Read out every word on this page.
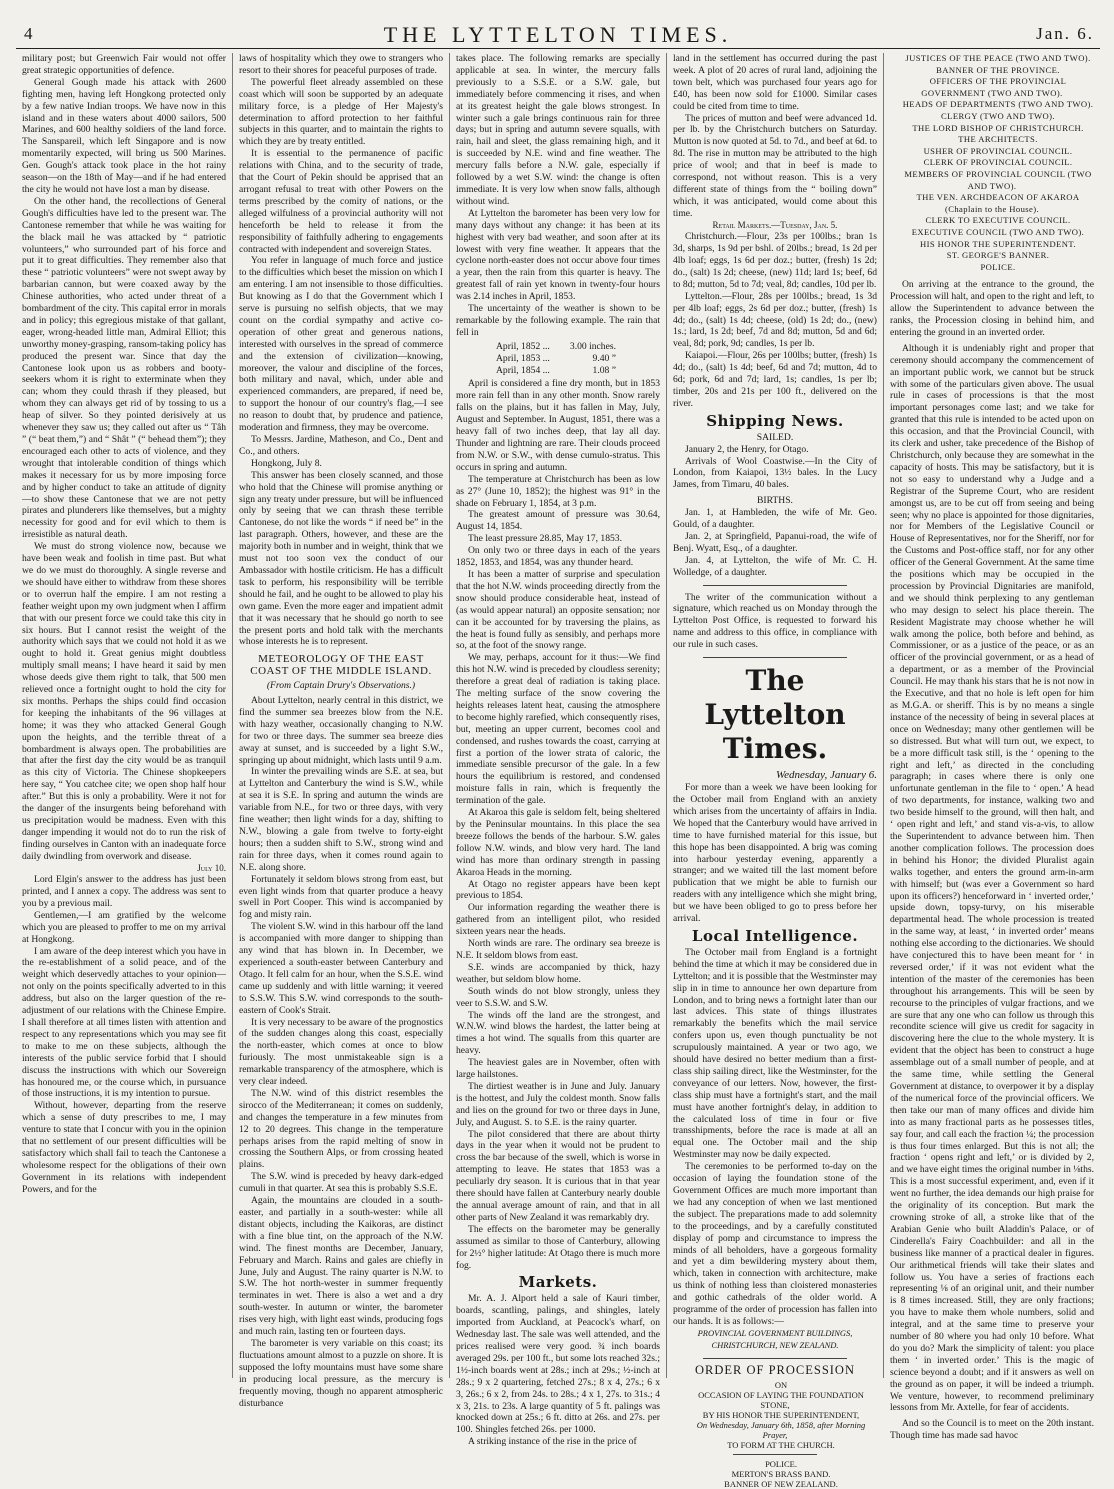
4	THE LYTTELTON TIMES.	Jan. 6.

military post; but Greenwich Fair would not offer great strategic opportunities of defence.

General Gough made his attack with 2600 fighting men, having left Hongkong protected only by a few native Indian troops. We have now in this island and in these waters about 4000 sailors, 500 Marines, and 600 healthy soldiers of the land force. The Sanspareil, which left Singapore and is now momentarily expected, will bring us 500 Marines. Gen. Gough's attack took place in the hot rainy season—on the 18th of May—and if he had entered the city he would not have lost a man by disease.

On the other hand, the recollections of General Gough's difficulties have led to the present war. The Cantonese remember that while he was waiting for the black mail he was attacked by “ patriotic volunteers,” who surrounded part of his force and put it to great difficulties. They remember also that these “ patriotic volunteers” were not swept away by barbarian cannon, but were coaxed away by the Chinese authorities, who acted under threat of a bombardment of the city. This capital error in morals and in policy; this egregious mistake of that gallant, eager, wrong-headed little man, Admiral Elliot; this unworthy money-grasping, ransom-taking policy has produced the present war. Since that day the Cantonese look upon us as robbers and booty-seekers whom it is right to exterminate when they can; whom they could thrash if they pleased, but whom they can always get rid of by tossing to us a heap of silver. So they pointed derisively at us whenever they saw us; they called out after us “ Tâh ” (“ beat them,”) and “ Shât ” (“ behead them”); they encouraged each other to acts of violence, and they wrought that intolerable condition of things which makes it necessary for us by more imposing force and by higher conduct to take an attitude of dignity—to show these Cantonese that we are not petty pirates and plunderers like themselves, but a mighty necessity for good and for evil which to them is irresistible as natural death.

We must do strong violence now, because we have been weak and foolish in time past. But what we do we must do thoroughly. A single reverse and we should have either to withdraw from these shores or to overrun half the empire. I am not resting a feather weight upon my own judgment when I affirm that with our present force we could take this city in six hours. But I cannot resist the weight of the authority which says that we could not hold it as we ought to hold it. Great genius might doubtless multiply small means; I have heard it said by men whose deeds give them right to talk, that 500 men relieved once a fortnight ought to hold the city for six months. Perhaps the ships could find occasion for keeping the inhabitants of the 96 villages at home; it was they who attacked General Gough upon the heights, and the terrible threat of a bombardment is always open. The probabilities are that after the first day the city would be as tranquil as this city of Victoria. The Chinese shopkeepers here say, “ You catchee cite; we open shop half hour after.” But this is only a probability. Were it not for the danger of the insurgents being beforehand with us precipitation would be madness. Even with this danger impending it would not do to run the risk of finding ourselves in Canton with an inadequate force daily dwindling from overwork and disease.

July 10.

Lord Elgin's answer to the address has just been printed, and I annex a copy. The address was sent to you by a previous mail.

Gentlemen,—I am gratified by the welcome which you are pleased to proffer to me on my arrival at Hongkong.

I am aware of the deep interest which you have in the re-establishment of a solid peace, and of the weight which deservedly attaches to your opinion—not only on the points specifically adverted to in this address, but also on the larger question of the re-adjustment of our relations with the Chinese Empire. I shall therefore at all times listen with attention and respect to any representations which you may see fit to make to me on these subjects, although the interests of the public service forbid that I should discuss the instructions with which our Sovereign has honoured me, or the course which, in pursuance of those instructions, it is my intention to pursue.

Without, however, departing from the reserve which a sense of duty prescribes to me, I may venture to state that I concur with you in the opinion that no settlement of our present difficulties will be satisfactory which shall fail to teach the Cantonese a wholesome respect for the obligations of their own Government in its relations with independent Powers, and for the

laws of hospitality which they owe to strangers who resort to their shores for peaceful purposes of trade.

The powerful fleet already assembled on these coast which will soon be supported by an adequate military force, is a pledge of Her Majesty's determination to afford protection to her faithful subjects in this quarter, and to maintain the rights to which they are by treaty entitled.

It is essential to the permanence of pacific relations with China, and to the security of trade, that the Court of Pekin should be apprised that an arrogant refusal to treat with other Powers on the terms prescribed by the comity of nations, or the alleged wilfulness of a provincial authority will not henceforth be held to release it from the responsibility of faithfully adhering to engagements contracted with independent and sovereign States.

You refer in language of much force and justice to the difficulties which beset the mission on which I am entering. I am not insensible to those difficulties. But knowing as I do that the Government which I serve is pursuing no selfish objects, that we may count on the cordial sympathy and active co-operation of other great and generous nations, interested with ourselves in the spread of commerce and the extension of civilization—knowing, moreover, the valour and discipline of the forces, both military and naval, which, under able and experienced commanders, are prepared, if need be, to support the honour of our country's flag,—I see no reason to doubt that, by prudence and patience, moderation and firmness, they may be overcome.

To Messrs. Jardine, Matheson, and Co., Dent and Co., and others.

Hongkong, July 8.

This answer has been closely scanned, and those who hold that the Chinese will promise anything or sign any treaty under pressure, but will be influenced only by seeing that we can thrash these terrible Cantonese, do not like the words “ if need be” in the last paragraph. Others, however, and these are the majority both in number and in weight, think that we must not too soon vex the conduct of our Ambassador with hostile criticism. He has a difficult task to perform, his responsibility will be terrible should he fail, and he ought to be allowed to play his own game. Even the more eager and impatient admit that it was necessary that he should go north to see the present ports and hold talk with the merchants whose interests he is to represent.

METEOROLOGY OF THE EAST COAST OF THE MIDDLE ISLAND.
(From Captain Drury's Observations.)

About Lyttelton, nearly central in this district, we find the summer sea breezes blow from the N.E. with hazy weather, occasionally changing to N.W. for two or three days. The summer sea breeze dies away at sunset, and is succeeded by a light S.W., springing up about midnight, which lasts until 9 a.m.

In winter the prevailing winds are S.E. at sea, but at Lyttelton and Canterbury the wind is S.W., while at sea it is S.E. In spring and autumn the winds are variable from N.E., for two or three days, with very fine weather; then light winds for a day, shifting to N.W., blowing a gale from twelve to forty-eight hours; then a sudden shift to S.W., strong wind and rain for three days, when it comes round again to N.E. along shore.

Fortunately it seldom blows strong from east, but even light winds from that quarter produce a heavy swell in Port Cooper. This wind is accompanied by fog and misty rain.

The violent S.W. wind in this harbour off the land is accompanied with more danger to shipping than any wind that has blown in. In December, we experienced a south-easter between Canterbury and Otago. It fell calm for an hour, when the S.S.E. wind came up suddenly and with little warning; it veered to S.S.W. This S.W. wind corresponds to the south-eastern of Cook's Strait.

It is very necessary to be aware of the prognostics of the sudden changes along this coast, especially the north-easter, which comes at once to blow furiously. The most unmistakeable sign is a remarkable transparency of the atmosphere, which is very clear indeed.

The N.W. wind of this district resembles the sirocco of the Mediterranean; it comes on suddenly, and changes the temperature in a few minutes from 12 to 20 degrees. This change in the temperature perhaps arises from the rapid melting of snow in crossing the Southern Alps, or from crossing heated plains.

The S.W. wind is preceded by heavy dark-edged cumuli in that quarter. At sea this is probably S.S.E.

Again, the mountains are clouded in a south-easter, and partially in a south-wester: while all distant objects, including the Kaikoras, are distinct with a fine blue tint, on the approach of the N.W. wind. The finest months are December, January, February and March. Rains and gales are chiefly in June, July and August. The rainy quarter is N.W. to S.W. The hot north-wester in summer frequently terminates in wet. There is also a wet and a dry south-wester. In autumn or winter, the barometer rises very high, with light east winds, producing fogs and much rain, lasting ten or fourteen days.

The barometer is very variable on this coast; its fluctuations amount almost to a puzzle on shore. It is supposed the lofty mountains must have some share in producing local pressure, as the mercury is frequently moving, though no apparent atmospheric disturbance

takes place. The following remarks are specially applicable at sea. In winter, the mercury falls previously to a S.S.E. or a S.W. gale, but immediately before commencing it rises, and when at its greatest height the gale blows strongest. In winter such a gale brings continuous rain for three days; but in spring and autumn severe squalls, with rain, hail and sleet, the glass remaining high, and it is succeeded by N.E. wind and fine weather. The mercury falls before a N.W. gale, especially if followed by a wet S.W. wind: the change is often immediate. It is very low when snow falls, although without wind.

At Lyttelton the barometer has been very low for many days without any change: it has been at its highest with very bad weather, and soon after at its lowest with very fine weather. It appears that the cyclone north-easter does not occur above four times a year, then the rain from this quarter is heavy. The greatest fall of rain yet known in twenty-four hours was 2.14 inches in April, 1853.

The uncertainty of the weather is shown to be remarkable by the following example. The rain that fell in

April, 1852 ... 3.00 inches.
April, 1853 ...	9.40 ”
April, 1854 ...	1.08 ”

April is considered a fine dry month, but in 1853 more rain fell than in any other month. Snow rarely falls on the plains, but it has fallen in May, July, August and September. In August, 1851, there was a heavy fall of two inches deep, that lay all day. Thunder and lightning are rare. Their clouds proceed from N.W. or S.W., with dense cumulo-stratus. This occurs in spring and autumn.

The temperature at Christchurch has been as low as 27° (June 10, 1852); the highest was 91° in the shade on February 1, 1854, at 3 p.m.

The greatest amount of pressure was 30.64, August 14, 1854.

The least pressure 28.85, May 17, 1853.

On only two or three days in each of the years 1852, 1853, and 1854, was any thunder heard.

It has been a matter of surprise and speculation that the hot N.W. winds proceeding directly from the snow should produce considerable heat, instead of (as would appear natural) an opposite sensation; nor can it be accounted for by traversing the plains, as the heat is found fully as sensibly, and perhaps more so, at the foot of the snowy range.

We may, perhaps, account for it thus:—We find this hot N.W. wind is preceded by cloudless serenity; therefore a great deal of radiation is taking place. The melting surface of the snow covering the heights releases latent heat, causing the atmosphere to become highly rarefied, which consequently rises, but, meeting an upper current, becomes cool and condensed, and rushes towards the coast, carrying at first a portion of the lower strata of caloric, the immediate sensible precursor of the gale. In a few hours the equilibrium is restored, and condensed moisture falls in rain, which is frequently the termination of the gale.

At Akaroa this gale is seldom felt, being sheltered by the Peninsular mountains. In this place the sea breeze follows the bends of the harbour. S.W. gales follow N.W. winds, and blow very hard. The land wind has more than ordinary strength in passing Akaroa Heads in the morning.

At Otago no register appears have been kept previous to 1854.

Our information regarding the weather there is gathered from an intelligent pilot, who resided sixteen years near the heads.

North winds are rare. The ordinary sea breeze is N.E. It seldom blows from east.

S.E. winds are accompanied by thick, hazy weather, but seldom blow home.

South winds do not blow strongly, unless they veer to S.S.W. and S.W.

The winds off the land are the strongest, and W.N.W. wind blows the hardest, the latter being at times a hot wind. The squalls from this quarter are heavy.

The heaviest gales are in November, often with large hailstones.

The dirtiest weather is in June and July. January is the hottest, and July the coldest month. Snow falls and lies on the ground for two or three days in June, July, and August. S. to S.E. is the rainy quarter.

The pilot considered that there are about thirty days in the year when it would not be prudent to cross the bar because of the swell, which is worse in attempting to leave. He states that 1853 was a peculiarly dry season. It is curious that in that year there should have fallen at Canterbury nearly double the annual average amount of rain, and that in all other parts of New Zealand it was remarkably dry.

The effects on the barometer may be generally assumed as similar to those of Canterbury, allowing for 2½° higher latitude: At Otago there is much more fog.

Markets.

Mr. A. J. Alport held a sale of Kauri timber, boards, scantling, palings, and shingles, lately imported from Auckland, at Peacock's wharf, on Wednesday last. The sale was well attended, and the prices realised were very good. ¾ inch boards averaged 29s. per 100 ft., but some lots reached 32s.; 1½-inch boards went at 28s.; inch at 29s.; ½-inch at 28s.; 9 x 2 quartering, fetched 27s.; 8 x 4, 27s.; 6 x 3, 26s.; 6 x 2, from 24s. to 28s.; 4 x 1, 27s. to 31s.; 4 x 3, 21s. to 23s. A large quantity of 5 ft. palings was knocked down at 25s.; 6 ft. ditto at 26s. and 27s. per 100. Shingles fetched 26s. per 1000.

A striking instance of the rise in the price of

land in the settlement has occurred during the past week. A plot of 20 acres of rural land, adjoining the town belt, which was purchased four years ago for £40, has been now sold for £1000. Similar cases could be cited from time to time.

The prices of mutton and beef were advanced 1d. per lb. by the Christchurch butchers on Saturday. Mutton is now quoted at 5d. to 7d., and beef at 6d. to 8d. The rise in mutton may be attributed to the high price of wool; and that in beef is made to correspond, not without reason. This is a very different state of things from the “ boiling down” which, it was anticipated, would come about this time.

Retail Markets.—Tuesday, Jan. 5.

Christchurch.—Flour, 23s per 100lbs.; bran 1s 3d, sharps, 1s 9d per bshl. of 20lbs.; bread, 1s 2d per 4lb loaf; eggs, 1s 6d per doz.; butter, (fresh) 1s 2d; do., (salt) 1s 2d; cheese, (new) 11d; lard 1s; beef, 6d to 8d; mutton, 5d to 7d; veal, 8d; candles, 10d per lb.

Lyttelton.—Flour, 28s per 100lbs.; bread, 1s 3d per 4lb loaf; eggs, 2s 6d per doz.; butter, (fresh) 1s 4d; do., (salt) 1s 4d; cheese, (old) 1s 2d; do., (new) 1s.; lard, 1s 2d; beef, 7d and 8d; mutton, 5d and 6d; veal, 8d; pork, 9d; candles, 1s per lb.

Kaiapoi.—Flour, 26s per 100lbs; butter, (fresh) 1s 4d; do., (salt) 1s 4d; beef, 6d and 7d; mutton, 4d to 6d; pork, 6d and 7d; lard, 1s; candles, 1s per lb; timber, 20s and 21s per 100 ft., delivered on the river.

Shipping News.

SAILED.

January 2, the Henry, for Otago.

Arrivals of Wool Coastwise.—In the City of London, from Kaiapoi, 13½ bales. In the Lucy James, from Timaru, 40 bales.

BIRTHS.

Jan. 1, at Hambleden, the wife of Mr. Geo. Gould, of a daughter.

Jan. 2, at Springfield, Papanui-road, the wife of Benj. Wyatt, Esq., of a daughter.

Jan. 4, at Lyttelton, the wife of Mr. C. H. Wolledge, of a daughter.

The writer of the communication without a signature, which reached us on Monday through the Lyttelton Post Office, is requested to forward his name and address to this office, in compliance with our rule in such cases.

The Lyttelton Times.

Wednesday, January 6.

For more than a week we have been looking for the October mail from England with an anxiety which arises from the uncertainty of affairs in India. We hoped that the Canterbury would have arrived in time to have furnished material for this issue, but this hope has been disappointed. A brig was coming into harbour yesterday evening, apparently a stranger; and we waited till the last moment before publication that we might be able to furnish our readers with any intelligence which she might bring, but we have been obliged to go to press before her arrival.

Local Intelligence.

The October mail from England is a fortnight behind the time at which it may be considered due in Lyttelton; and it is possible that the Westminster may slip in in time to announce her own departure from London, and to bring news a fortnight later than our last advices. This state of things illustrates remarkably the benefits which the mail service confers upon us, even though punctuality be not scrupulously maintained. A year or two ago, we should have desired no better medium than a first-class ship sailing direct, like the Westminster, for the conveyance of our letters. Now, however, the first-class ship must have a fortnight's start, and the mail must have another fortnight's delay, in addition to the calculated loss of time in four or five transshipments, before the race is made at all an equal one. The October mail and the ship Westminster may now be daily expected.

The ceremonies to be performed to-day on the occasion of laying the foundation stone of the Government Offices are much more important than we had any conception of when we last mentioned the subject. The preparations made to add solemnity to the proceedings, and by a carefully constituted display of pomp and circumstance to impress the minds of all beholders, have a gorgeous formality and yet a dim bewildering mystery about them, which, taken in connection with architecture, make us think of nothing less than cloistered monasteries and gothic cathedrals of the older world. A programme of the order of procession has fallen into our hands. It is as follows:—

PROVINCIAL GOVERNMENT BUILDINGS, CHRISTCHURCH, NEW ZEALAND.

ORDER OF PROCESSION

ON

OCCASION OF LAYING THE FOUNDATION STONE,

BY HIS HONOR THE SUPERINTENDENT,

On Wednesday, January 6th, 1858, after Morning Prayer,

TO FORM AT THE CHURCH.

POLICE.

MERTON'S BRASS BAND.

BANNER OF NEW ZEALAND.

JUSTICES OF THE PEACE (TWO AND TWO).

BANNER OF THE PROVINCE.

OFFICERS OF THE PROVINCIAL GOVERNMENT (TWO AND TWO).

HEADS OF DEPARTMENTS (TWO AND TWO).

CLERGY (TWO AND TWO).

THE LORD BISHOP OF CHRISTCHURCH.

THE ARCHITECTS.

USHER OF PROVINCIAL COUNCIL.

CLERK OF PROVINCIAL COUNCIL.

MEMBERS OF PROVINCIAL COUNCIL (TWO AND TWO).

THE VEN. ARCHDEACON OF AKAROA (Chaplain to the House).

CLERK TO EXECUTIVE COUNCIL.

EXECUTIVE COUNCIL (TWO AND TWO).

HIS HONOR THE SUPERINTENDENT.

ST. GEORGE'S BANNER.

POLICE.

On arriving at the entrance to the ground, the Procession will halt, and open to the right and left, to allow the Superintendent to advance between the ranks, the Procession closing in behind him, and entering the ground in an inverted order.

Although it is undeniably right and proper that ceremony should accompany the commencement of an important public work, we cannot but be struck with some of the particulars given above. The usual rule in cases of processions is that the most important personages come last; and we take for granted that this rule is intended to be acted upon on this occasion, and that the Provincial Council, with its clerk and usher, take precedence of the Bishop of Christchurch, only because they are somewhat in the capacity of hosts. This may be satisfactory, but it is not so easy to understand why a Judge and a Registrar of the Supreme Court, who are resident amongst us, are to be cut off from seeing and being seen; why no place is appointed for those dignitaries, nor for Members of the Legislative Council or House of Representatives, nor for the Sheriff, nor for the Customs and Post-office staff, nor for any other officer of the General Government. At the same time the positions which may be occupied in the procession by Provincial Dignitaries are manifold, and we should think perplexing to any gentleman who may design to select his place therein. The Resident Magistrate may choose whether he will walk among the police, both before and behind, as Commissioner, or as a justice of the peace, or as an officer of the provincial government, or as a head of a department, or as a member of the Provincial Council. He may thank his stars that he is not now in the Executive, and that no hole is left open for him as M.G.A. or sheriff. This is by no means a single instance of the necessity of being in several places at once on Wednesday; many other gentlemen will be so distressed. But what will turn out, we expect, to be a more difficult task still, is the ‘ opening to the right and left,’ as directed in the concluding paragraph; in cases where there is only one unfortunate gentleman in the file to ‘ open.’ A head of two departments, for instance, walking two and two beside himself to the ground, will then halt, and ‘ open right and left,’ and stand vis-a-vis, to allow the Superintendent to advance between him. Then another complication follows. The procession does in behind his Honor; the divided Pluralist again walks together, and enters the ground arm-in-arm with himself; but (was ever a Government so hard upon its officers?) henceforward in ‘ inverted order,’ upside down, topsy-turvy, on his miserable departmental head. The whole procession is treated in the same way, at least, ‘ in inverted order’ means nothing else according to the dictionaries. We should have conjectured this to have been meant for ‘ in reversed order,’ if it was not evident what the intention of the master of the ceremonies has been throughout his arrangements. This will be seen by recourse to the principles of vulgar fractions, and we are sure that any one who can follow us through this recondite science will give us credit for sagacity in discovering here the clue to the whole mystery. It is evident that the object has been to construct a huge assemblage out of a small number of people, and at the same time, while settling the General Government at distance, to overpower it by a display of the numerical force of the provincial officers. We then take our man of many offices and divide him into as many fractional parts as he possesses titles, say four, and call each the fraction ¼; the procession is thus four times enlarged. But this is not all; the fraction ‘ opens right and left,’ or is divided by 2, and we have eight times the original number in ⅛ths. This is a most successful experiment, and, even if it went no further, the idea demands our high praise for the originality of its conception. But mark the crowning stroke of all, a stroke like that of the Arabian Genie who built Aladdin's Palace, or of Cinderella's Fairy Coachbuilder: and all in the business like manner of a practical dealer in figures. Our arithmetical friends will take their slates and follow us. You have a series of fractions each representing ⅛ of an original unit, and their number is 8 times increased. Still, they are only fractions; you have to make them whole numbers, solid and integral, and at the same time to preserve your number of 80 where you had only 10 before. What do you do? Mark the simplicity of talent: you place them ‘ in inverted order.’ This is the magic of science beyond a doubt; and if it answers as well on the ground as on paper, it will be indeed a triumph. We venture, however, to recommend preliminary lessons from Mr. Axtelle, for fear of accidents.

And so the Council is to meet on the 20th instant. Though time has made sad havoc
